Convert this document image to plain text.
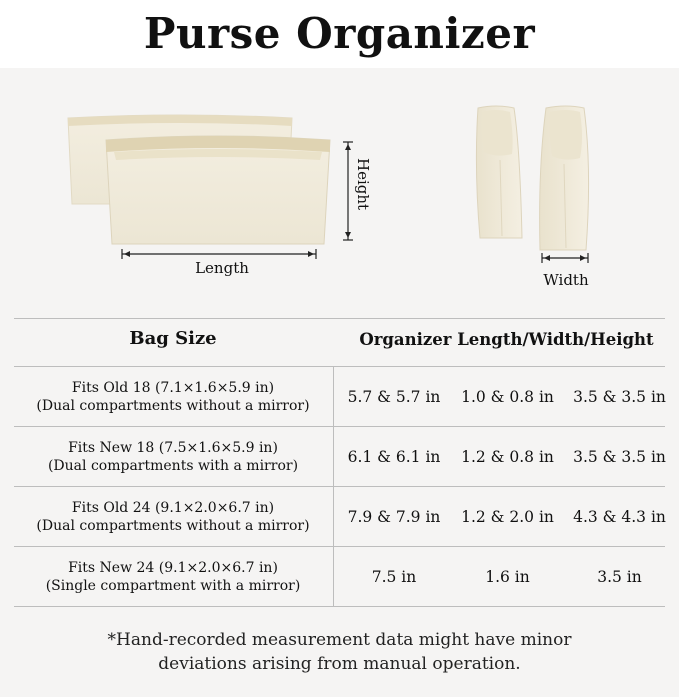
Purse Organizer
Height
Length
Width
Bag Size	Organizer Length/Width/Height
Fits Old 18 (7.1×1.6×5.9 in)
(Dual compartments without a mirror)	5.7 & 5.7 in	1.0 & 0.8 in	3.5 & 3.5 in
Fits New 18 (7.5×1.6×5.9 in)
(Dual compartments with a mirror)	6.1 & 6.1 in	1.2 & 0.8 in	3.5 & 3.5 in
Fits Old 24 (9.1×2.0×6.7 in)
(Dual compartments without a mirror)	7.9 & 7.9 in	1.2 & 2.0 in	4.3 & 4.3 in
Fits New 24 (9.1×2.0×6.7 in)
(Single compartment with a mirror)	7.5 in	1.6 in	3.5 in
*Hand-recorded measurement data might have minor
deviations arising from manual operation.
